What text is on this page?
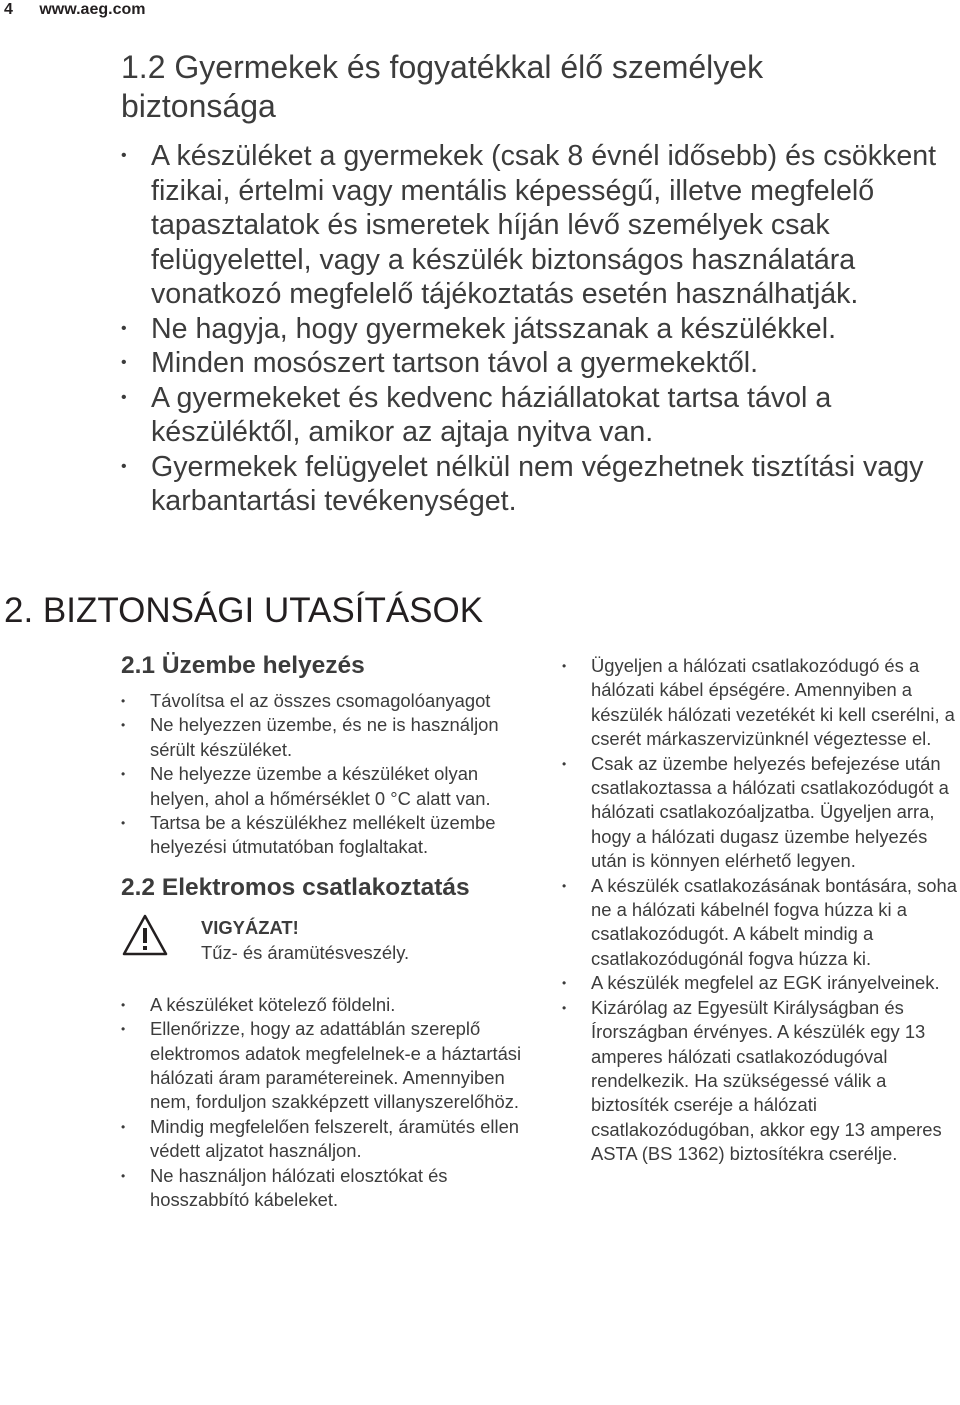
4 www.aeg.com
1.2 Gyermekek és fogyatékkal élő személyek biztonsága
• A készüléket a gyermekek (csak 8 évnél idősebb) és csökkent fizikai, értelmi vagy mentális képességű, illetve megfelelő tapasztalatok és ismeretek híján lévő személyek csak felügyelettel, vagy a készülék biztonságos használatára vonatkozó megfelelő tájékoztatás esetén használhatják.
• Ne hagyja, hogy gyermekek játsszanak a készülékkel.
• Minden mosószert tartson távol a gyermekektől.
• A gyermekeket és kedvenc háziállatokat tartsa távol a készüléktől, amikor az ajtaja nyitva van.
• Gyermekek felügyelet nélkül nem végezhetnek tisztítási vagy karbantartási tevékenységet.
2. BIZTONSÁGI UTASÍTÁSOK
2.1 Üzembe helyezés
• Távolítsa el az összes csomagolóanyagot
• Ne helyezzen üzembe, és ne is használjon sérült készüléket.
• Ne helyezze üzembe a készüléket olyan helyen, ahol a hőmérséklet 0 °C alatt van.
• Tartsa be a készülékhez mellékelt üzembe helyezési útmutatóban foglaltakat.
2.2 Elektromos csatlakoztatás
VIGYÁZAT!
Tűz- és áramütésveszély.
• A készüléket kötelező földelni.
• Ellenőrizze, hogy az adattáblán szereplő elektromos adatok megfelelnek-e a háztartási hálózati áram paramétereinek. Amennyiben nem, forduljon szakképzett villanyszerelőhöz.
• Mindig megfelelően felszerelt, áramütés ellen védett aljzatot használjon.
• Ne használjon hálózati elosztókat és hosszabbító kábeleket.
• Ügyeljen a hálózati csatlakozódugó és a hálózati kábel épségére. Amennyiben a készülék hálózati vezetékét ki kell cserélni, a cserét márkaszervizünknél végeztesse el.
• Csak az üzembe helyezés befejezése után csatlakoztassa a hálózati csatlakozódugót a hálózati csatlakozóaljzatba. Ügyeljen arra, hogy a hálózati dugasz üzembe helyezés után is könnyen elérhető legyen.
• A készülék csatlakozásának bontására, soha ne a hálózati kábelnél fogva húzza ki a csatlakozódugót. A kábelt mindig a csatlakozódugónál fogva húzza ki.
• A készülék megfelel az EGK irányelveinek.
• Kizárólag az Egyesült Királyságban és Írországban érvényes. A készülék egy 13 amperes hálózati csatlakozódugóval rendelkezik. Ha szükségessé válik a biztosíték cseréje a hálózati csatlakozódugóban, akkor egy 13 amperes ASTA (BS 1362) biztosítékra cserélje.
